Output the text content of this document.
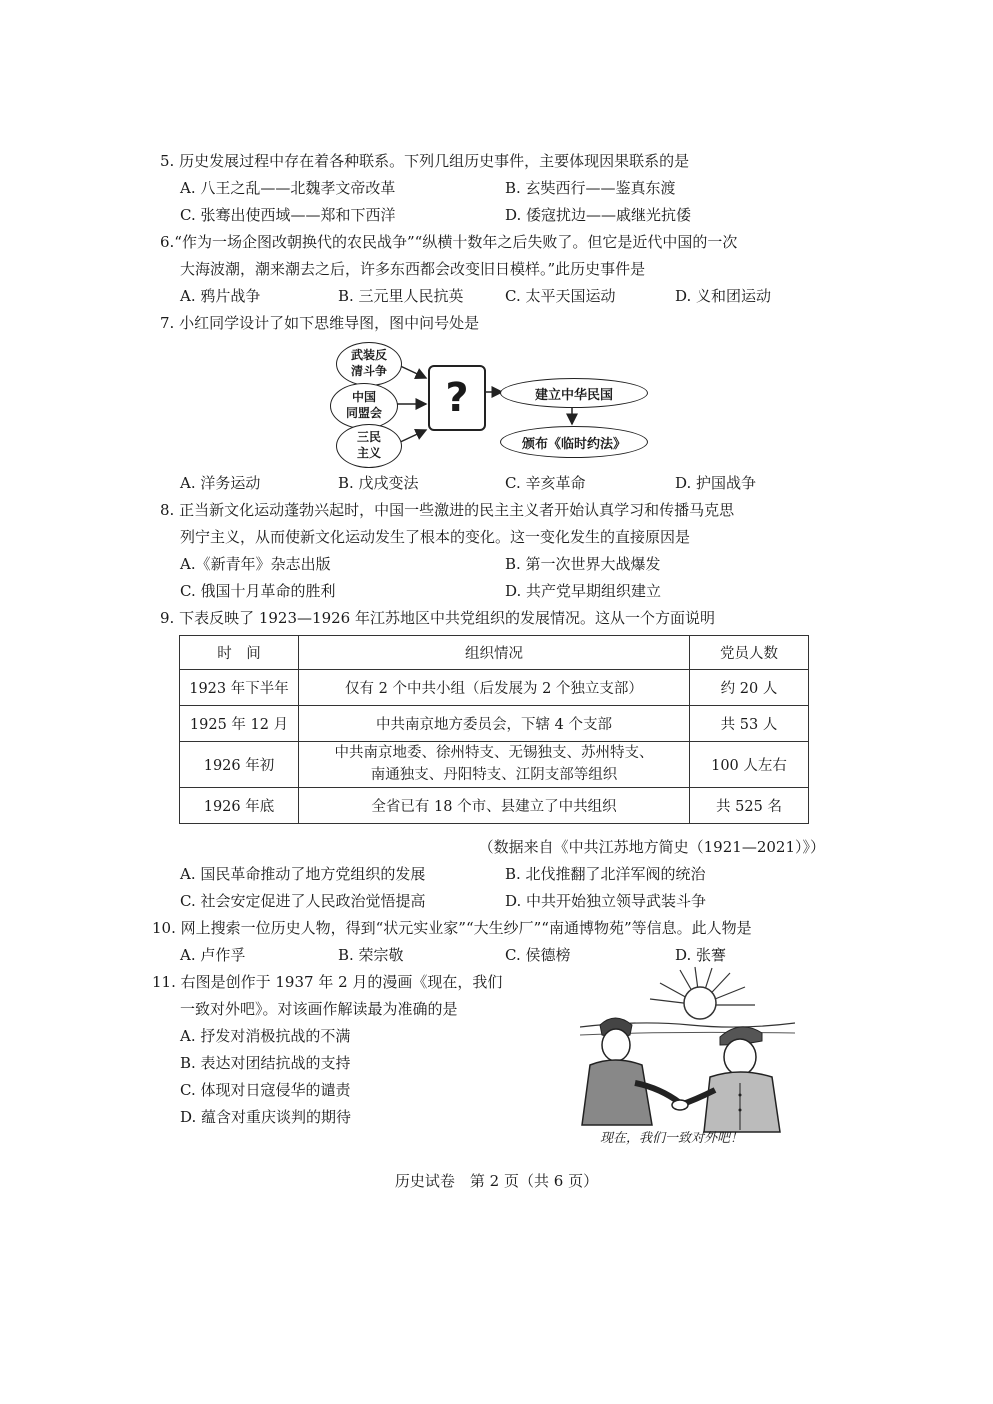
5. 历史发展过程中存在着各种联系。下列几组历史事件，主要体现因果联系的是
A. 八王之乱——北魏孝文帝改革	B. 玄奘西行——鉴真东渡
C. 张骞出使西域——郑和下西洋	D. 倭寇扰边——戚继光抗倭
6.“作为一场企图改朝换代的农民战争”“纵横十数年之后失败了。但它是近代中国的一次
大海波潮，潮来潮去之后，许多东西都会改变旧日模样。”此历史事件是
A. 鸦片战争	B. 三元里人民抗英	C. 太平天国运动	D. 义和团运动
7. 小红同学设计了如下思维导图，图中问号处是
武装反
清斗争
中国
同盟会
三民
主义
?	建立中华民国
颁布《临时约法》
A. 洋务运动	B. 戊戌变法	C. 辛亥革命	D. 护国战争
8. 正当新文化运动蓬勃兴起时，中国一些激进的民主主义者开始认真学习和传播马克思
列宁主义，从而使新文化运动发生了根本的变化。这一变化发生的直接原因是
A.《新青年》杂志出版	B. 第一次世界大战爆发
C. 俄国十月革命的胜利	D. 共产党早期组织建立
9. 下表反映了 1923—1926 年江苏地区中共党组织的发展情况。这从一个方面说明
时　间	组织情况	党员人数
1923 年下半年	仅有 2 个中共小组（后发展为 2 个独立支部）	约 20 人
1925 年 12 月	中共南京地方委员会，下辖 4 个支部	共 53 人
1926 年初	中共南京地委、徐州特支、无锡独支、苏州特支、
南通独支、丹阳特支、江阴支部等组织	100 人左右
1926 年底	全省已有 18 个市、县建立了中共组织	共 525 名
（数据来自《中共江苏地方简史（1921—2021）》）
A. 国民革命推动了地方党组织的发展	B. 北伐推翻了北洋军阀的统治
C. 社会安定促进了人民政治觉悟提高	D. 中共开始独立领导武装斗争
10. 网上搜索一位历史人物，得到“状元实业家”“大生纱厂”“南通博物苑”等信息。此人物是
A. 卢作孚	B. 荣宗敬	C. 侯德榜	D. 张謇
11. 右图是创作于 1937 年 2 月的漫画《现在，我们
一致对外吧》。对该画作解读最为准确的是
A. 抒发对消极抗战的不满
B. 表达对团结抗战的支持
C. 体现对日寇侵华的谴责
D. 蕴含对重庆谈判的期待
现在，我们一致对外吧！
历史试卷　第 2 页（共 6 页）
